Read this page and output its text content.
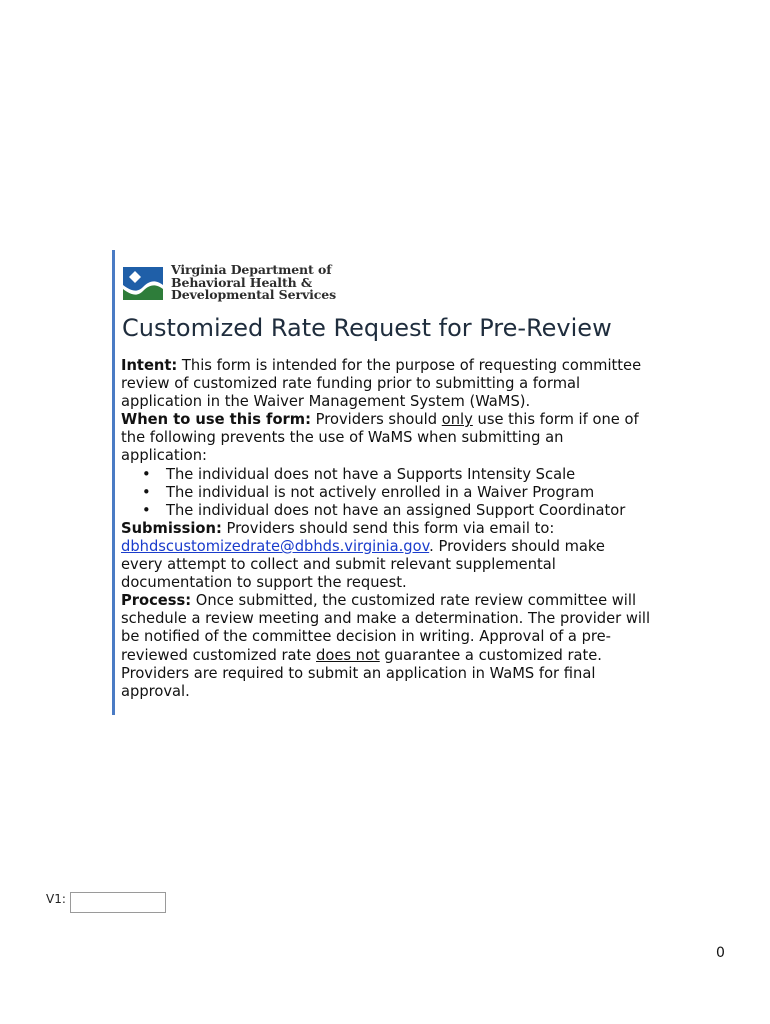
Virginia Department of
Behavioral Health &
Developmental Services
Customized Rate Request for Pre-Review

Intent: This form is intended for the purpose of requesting committee review of customized rate funding prior to submitting a formal application in the Waiver Management System (WaMS).

When to use this form: Providers should only use this form if one of the following prevents the use of WaMS when submitting an application:

• The individual does not have a Supports Intensity Scale
• The individual is not actively enrolled in a Waiver Program
• The individual does not have an assigned Support Coordinator

Submission: Providers should send this form via email to: dbhdscustomizedrate@dbhds.virginia.gov. Providers should make every attempt to collect and submit relevant supplemental documentation to support the request.

Process: Once submitted, the customized rate review committee will schedule a review meeting and make a determination. The provider will be notified of the committee decision in writing. Approval of a pre-reviewed customized rate does not guarantee a customized rate. Providers are required to submit an application in WaMS for final approval.

V1:
0
